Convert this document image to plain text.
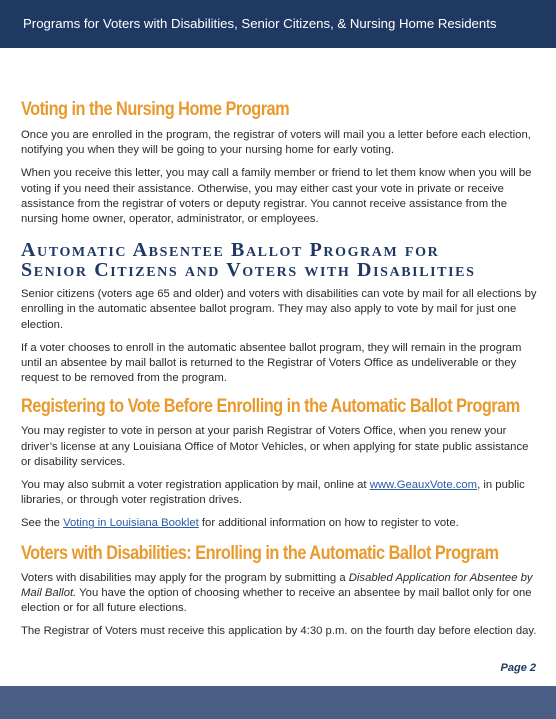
Programs for Voters with Disabilities, Senior Citizens, & Nursing Home Residents
Voting in the Nursing Home Program

Once you are enrolled in the program, the registrar of voters will mail you a letter before each election, notifying you when they will be going to your nursing home for early voting.

When you receive this letter, you may call a family member or friend to let them know when you will be voting if you need their assistance. Otherwise, you may either cast your vote in private or receive assistance from the registrar of voters or deputy registrar. You cannot receive assistance from the nursing home owner, operator, administrator, or employees.

Automatic Absentee Ballot Program for
Senior Citizens and Voters with Disabilities

Senior citizens (voters age 65 and older) and voters with disabilities can vote by mail for all elections by enrolling in the automatic absentee ballot program. They may also apply to vote by mail for just one election.

If a voter chooses to enroll in the automatic absentee ballot program, they will remain in the program until an absentee by mail ballot is returned to the Registrar of Voters Office as undeliverable or they request to be removed from the program.

Registering to Vote Before Enrolling in the Automatic Ballot Program

You may register to vote in person at your parish Registrar of Voters Office, when you renew your driver’s license at any Louisiana Office of Motor Vehicles, or when applying for state public assistance or disability services.

You may also submit a voter registration application by mail, online at www.GeauxVote.com, in public libraries, or through voter registration drives.

See the Voting in Louisiana Booklet for additional information on how to register to vote.

Voters with Disabilities: Enrolling in the Automatic Ballot Program

Voters with disabilities may apply for the program by submitting a Disabled Application for Absentee by Mail Ballot. You have the option of choosing whether to receive an absentee by mail ballot only for one election or for all future elections.

The Registrar of Voters must receive this application by 4:30 p.m. on the fourth day before election day.

Page 2
